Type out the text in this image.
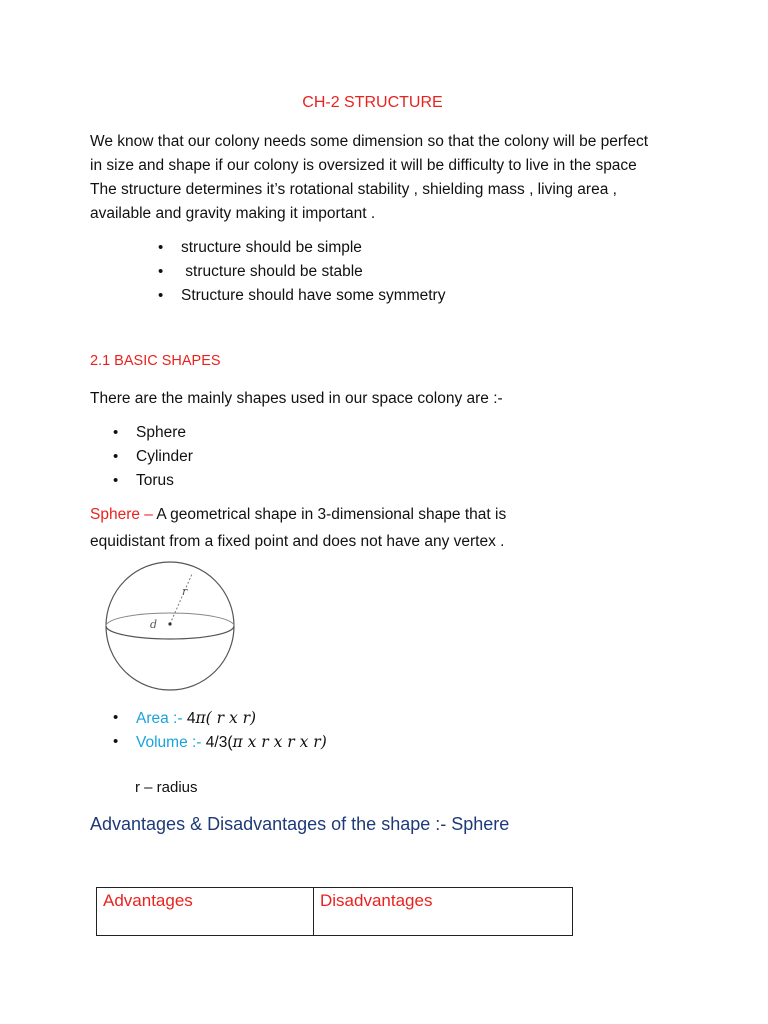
CH-2 STRUCTURE
We know that our colony needs some dimension so that the colony will be perfect
in size and shape if our colony is oversized it will be difficulty to live in the space
The structure determines it’s rotational stability , shielding mass , living area ,
available and gravity making it important .
• structure should be simple
• structure should be stable
• Structure should have some symmetry
2.1 BASIC SHAPES
There are the mainly shapes used in our space colony are :-
• Sphere
• Cylinder
• Torus
Sphere – A geometrical shape in 3-dimensional shape that is
equidistant from a fixed point and does not have any vertex .
r
d
• Area :- 4π( r x r)
• Volume :- 4/3(π x r x r x r)
r – radius
Advantages & Disadvantages of the shape :- Sphere
Advantages	Disadvantages
